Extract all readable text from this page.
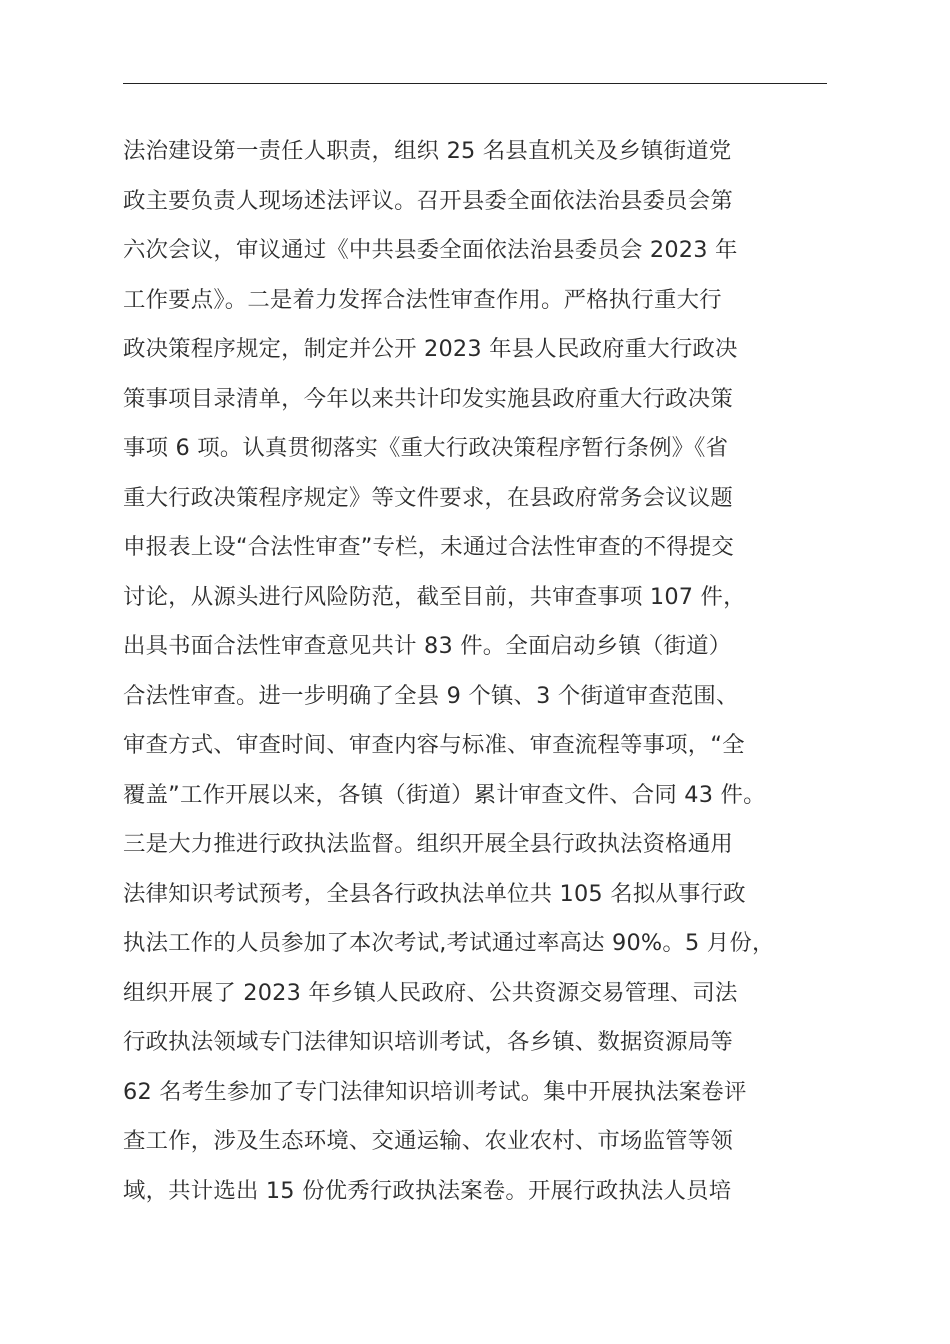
法治建设第一责任人职责，组织 25 名县直机关及乡镇街道党
政主要负责人现场述法评议。召开县委全面依法治县委员会第
六次会议，审议通过《中共县委全面依法治县委员会 2023 年
工作要点》。二是着力发挥合法性审查作用。严格执行重大行
政决策程序规定，制定并公开 2023 年县人民政府重大行政决
策事项目录清单，今年以来共计印发实施县政府重大行政决策
事项 6 项。认真贯彻落实《重大行政决策程序暂行条例》《省
重大行政决策程序规定》等文件要求，在县政府常务会议议题
申报表上设“合法性审查”专栏，未通过合法性审查的不得提交
讨论，从源头进行风险防范，截至目前，共审查事项 107 件，
出具书面合法性审查意见共计 83 件。全面启动乡镇（街道）
合法性审查。进一步明确了全县 9 个镇、3 个街道审查范围、
审查方式、审查时间、审查内容与标准、审查流程等事项，“全
覆盖”工作开展以来，各镇（街道）累计审查文件、合同 43 件。
三是大力推进行政执法监督。组织开展全县行政执法资格通用
法律知识考试预考，全县各行政执法单位共 105 名拟从事行政
执法工作的人员参加了本次考试,考试通过率高达 90%。5 月份，
组织开展了 2023 年乡镇人民政府、公共资源交易管理、司法
行政执法领域专门法律知识培训考试，各乡镇、数据资源局等
62 名考生参加了专门法律知识培训考试。集中开展执法案卷评
查工作，涉及生态环境、交通运输、农业农村、市场监管等领
域，共计选出 15 份优秀行政执法案卷。开展行政执法人员培
